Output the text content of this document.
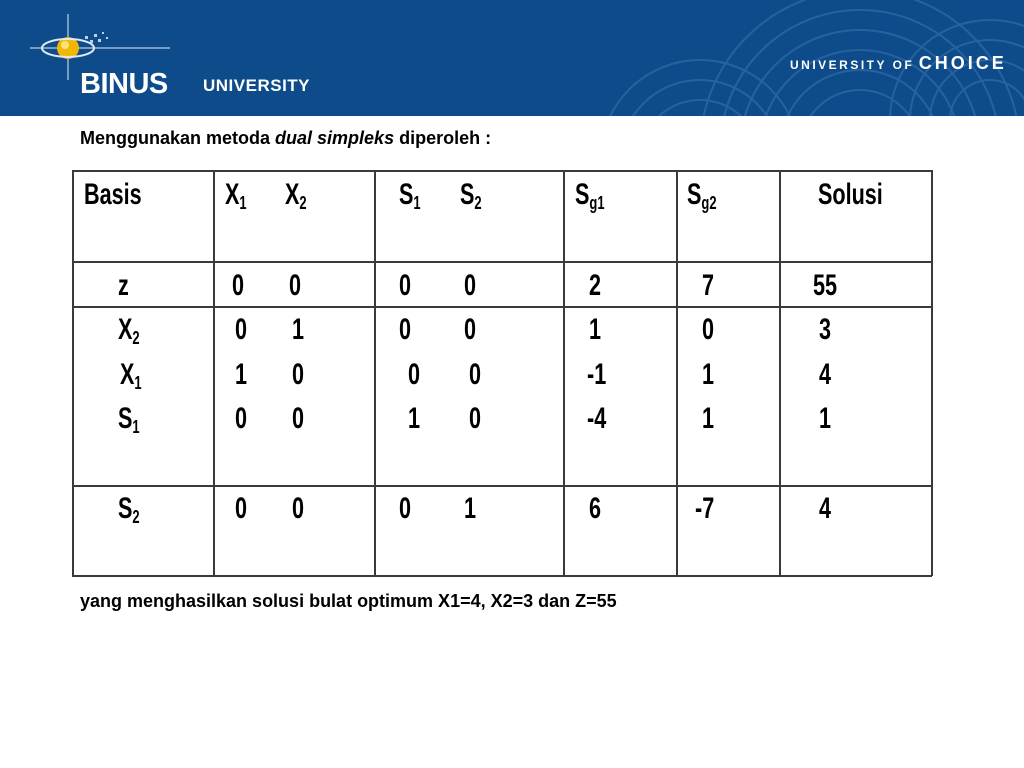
BINUS UNIVERSITY
UNIVERSITY OF CHOICE
Menggunakan metoda dual simpleks diperoleh :
Basis	$X_1$ $X_2$	$S_1$ $S_2$	$S_{g1}$	$S_{g2}$	Solusi
z	0 0	0 0	2	7	55
$X_2$	0 1	0 0	1	0	3
$X_1$	1 0	0 0	-1	1	4
$S_1$	0 0	1 0	-4	1	1
$S_2$	0 0	0 1	6	-7	4
yang menghasilkan solusi bulat optimum X1=4, X2=3 dan Z=55
